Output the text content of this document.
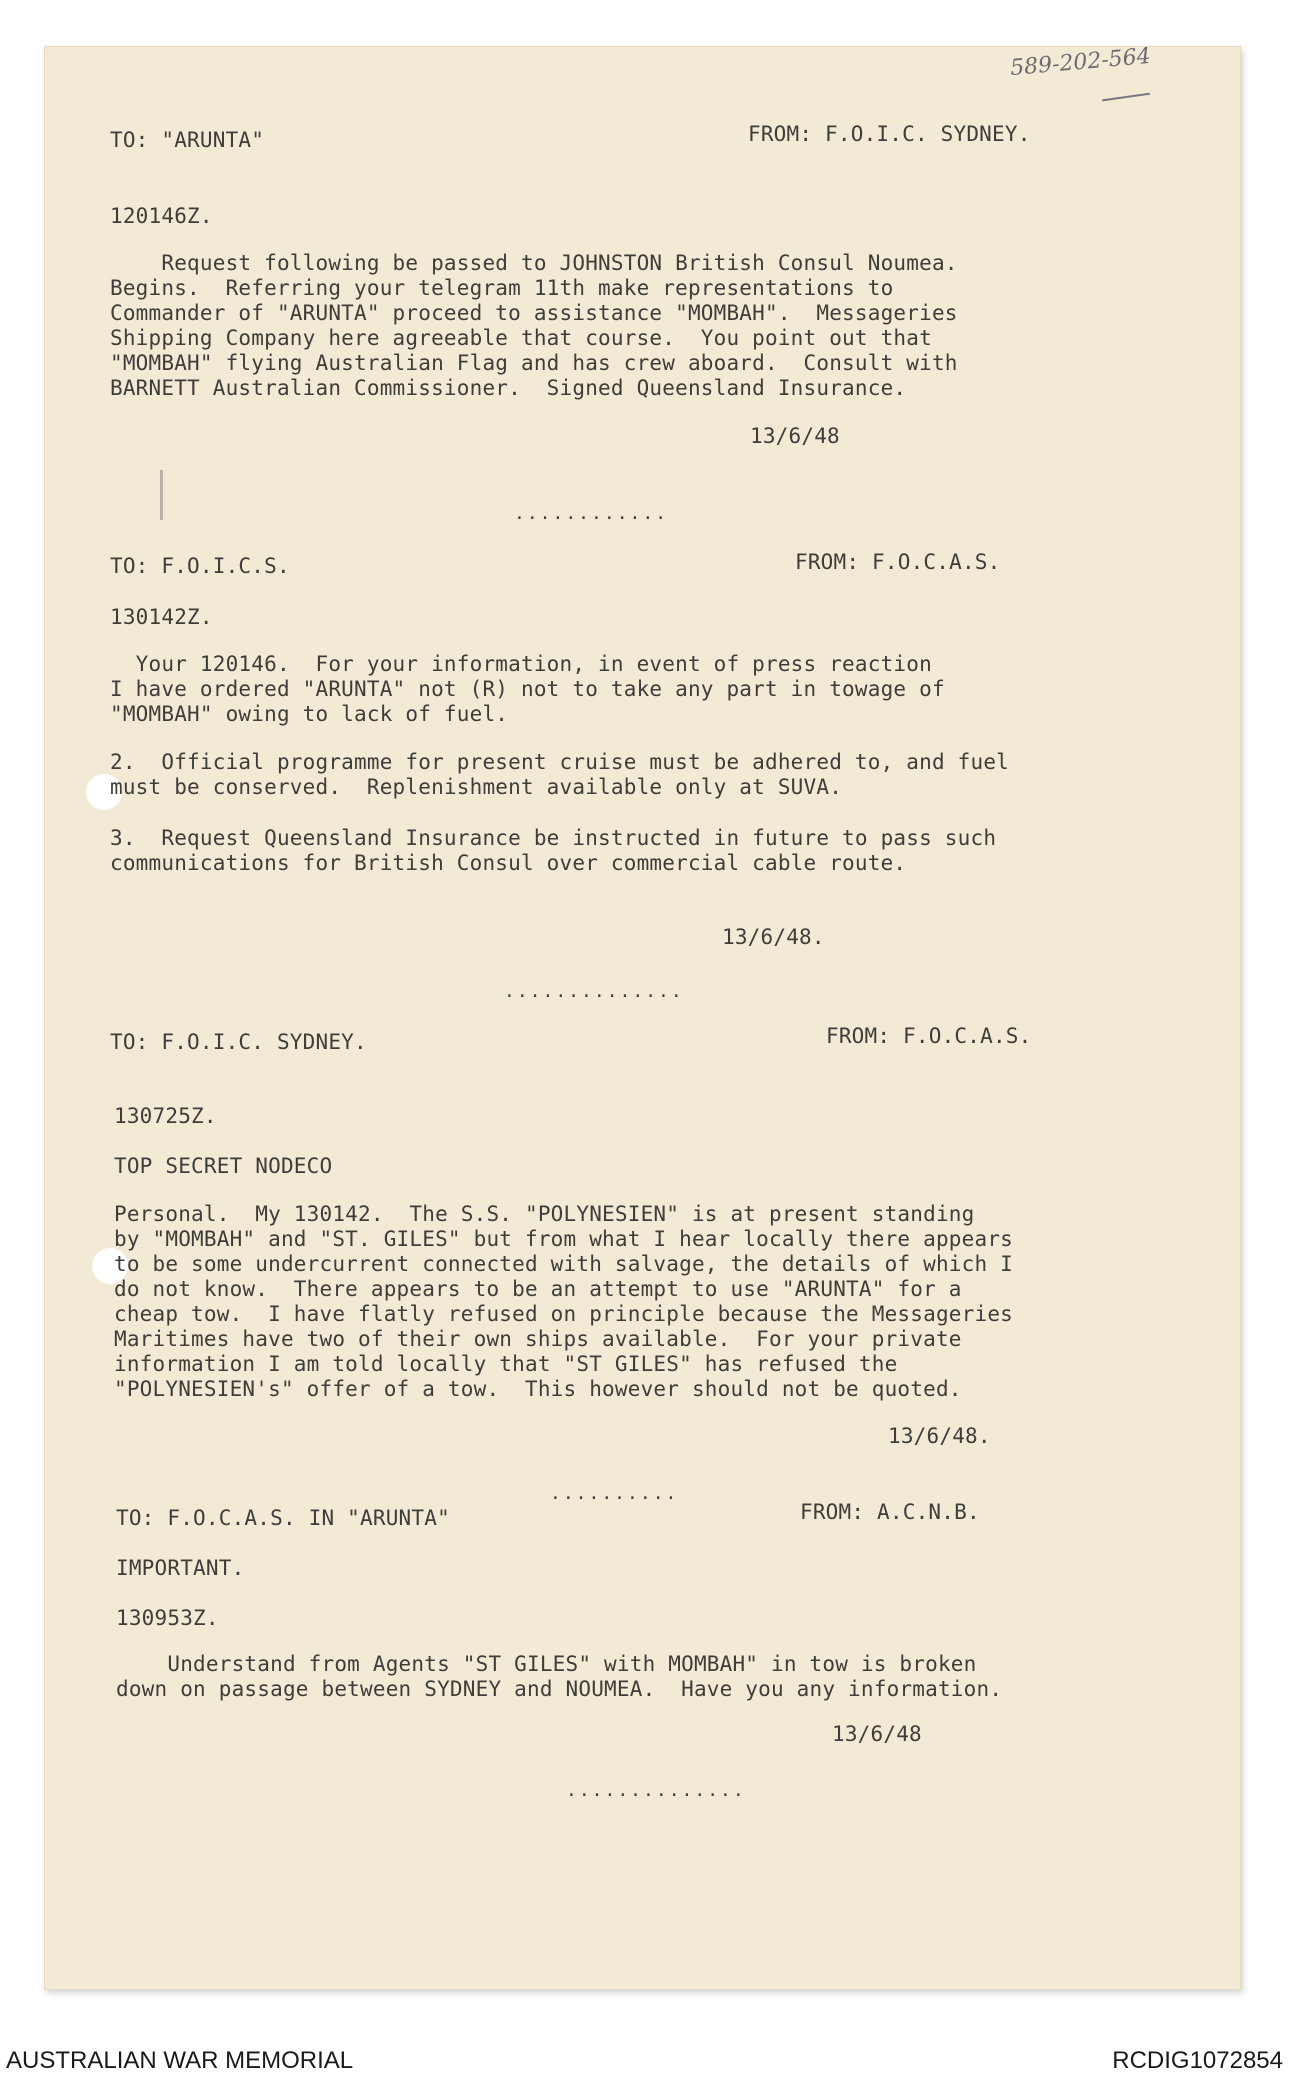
589-202-564
TO: "ARUNTA"	FROM: F.O.I.C. SYDNEY.
120146Z.
Request following be passed to JOHNSTON British Consul Noumea.
Begins.  Referring your telegram 11th make representations to
Commander of "ARUNTA" proceed to assistance "MOMBAH".  Messageries
Shipping Company here agreeable that course.  You point out that
"MOMBAH" flying Australian Flag and has crew aboard.  Consult with
BARNETT Australian Commissioner.  Signed Queensland Insurance.
13/6/48
............
TO: F.O.I.C.S.	FROM: F.O.C.A.S.
130142Z.
Your 120146.  For your information, in event of press reaction
I have ordered "ARUNTA" not (R) not to take any part in towage of
"MOMBAH" owing to lack of fuel.
2.  Official programme for present cruise must be adhered to, and fuel
must be conserved.  Replenishment available only at SUVA.
3.  Request Queensland Insurance be instructed in future to pass such
communications for British Consul over commercial cable route.
13/6/48.
..............
TO: F.O.I.C. SYDNEY.	FROM: F.O.C.A.S.
130725Z.
TOP SECRET NODECO
Personal.  My 130142.  The S.S. "POLYNESIEN" is at present standing
by "MOMBAH" and "ST. GILES" but from what I hear locally there appears
to be some undercurrent connected with salvage, the details of which I
do not know.  There appears to be an attempt to use "ARUNTA" for a
cheap tow.  I have flatly refused on principle because the Messageries
Maritimes have two of their own ships available.  For your private
information I am told locally that "ST GILES" has refused the
"POLYNESIEN's" offer of a tow.  This however should not be quoted.
13/6/48.
..........
TO: F.O.C.A.S. IN "ARUNTA"	FROM: A.C.N.B.
IMPORTANT.
130953Z.
Understand from Agents "ST GILES" with MOMBAH" in tow is broken
down on passage between SYDNEY and NOUMEA.  Have you any information.
13/6/48
..............
AUSTRALIAN WAR MEMORIAL	RCDIG1072854
